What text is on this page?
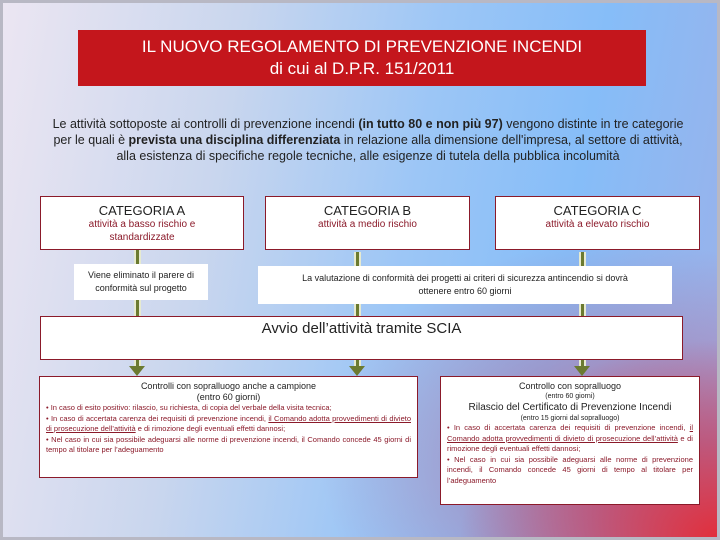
IL NUOVO REGOLAMENTO DI PREVENZIONE INCENDI
di cui al D.P.R. 151/2011
Le attività sottoposte ai controlli di prevenzione incendi (in tutto 80 e non più 97) vengono distinte in tre categorie per le quali è prevista una disciplina differenziata in relazione alla dimensione dell'impresa, al settore di attività, alla esistenza di specifiche regole tecniche, alle esigenze di tutela della pubblica incolumità
CATEGORIA A

attività a basso rischio e standardizzate

CATEGORIA B

attività a medio rischio

CATEGORIA C

attività a elevato rischio

Viene eliminato il parere di conformità sul progetto
La valutazione di conformità dei progetti ai criteri di sicurezza antincendio si dovrà ottenere entro 60 giorni
Avvio dell’attività tramite SCIA
Controlli con sopralluogo anche a campione
(entro 60 giorni)
• In caso di esito positivo: rilascio, su richiesta, di copia del verbale della visita tecnica;
• In caso di accertata carenza dei requisiti di prevenzione incendi, il Comando adotta provvedimenti di divieto di prosecuzione dell’attività e di rimozione degli eventuali effetti dannosi;
• Nel caso in cui sia possibile adeguarsi alle norme di prevenzione incendi, il Comando concede 45 giorni di tempo al titolare per l’adeguamento
Controllo con sopralluogo
(entro 60 giorni)
Rilascio del Certificato di Prevenzione Incendi
(entro 15 giorni dal sopralluogo)
• In caso di accertata carenza dei requisiti di prevenzione incendi, il Comando adotta provvedimenti di divieto di prosecuzione dell’attività e di rimozione degli eventuali effetti dannosi;
• Nel caso in cui sia possibile adeguarsi alle norme di prevenzione incendi, il Comando concede 45 giorni di tempo al titolare per l’adeguamento
